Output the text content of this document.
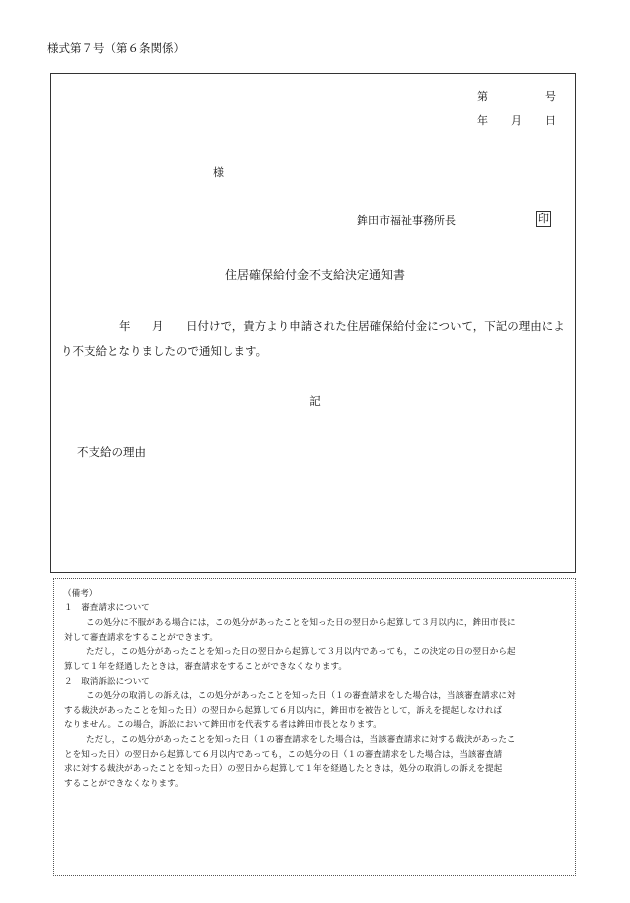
様式第７号（第６条関係）
第	号
年 月 日
様
鉾田市福祉事務所長	印
住居確保給付金不支給決定通知書
年 月 日付けで，貴方より申請された住居確保給付金について，下記の理由によ
り不支給となりましたので通知します。
記
不支給の理由
（備考）
１　審査請求について
この処分に不服がある場合には，この処分があったことを知った日の翌日から起算して３月以内に，鉾田市長に
対して審査請求をすることができます。
ただし，この処分があったことを知った日の翌日から起算して３月以内であっても，この決定の日の翌日から起
算して１年を経過したときは，審査請求をすることができなくなります。
２　取消訴訟について
この処分の取消しの訴えは，この処分があったことを知った日（１の審査請求をした場合は，当該審査請求に対
する裁決があったことを知った日）の翌日から起算して６月以内に，鉾田市を被告として，訴えを提起しなければ
なりません。この場合，訴訟において鉾田市を代表する者は鉾田市長となります。
ただし，この処分があったことを知った日（１の審査請求をした場合は，当該審査請求に対する裁決があったこ
とを知った日）の翌日から起算して６月以内であっても，この処分の日（１の審査請求をした場合は，当該審査請
求に対する裁決があったことを知った日）の翌日から起算して１年を経過したときは，処分の取消しの訴えを提起
することができなくなります。
